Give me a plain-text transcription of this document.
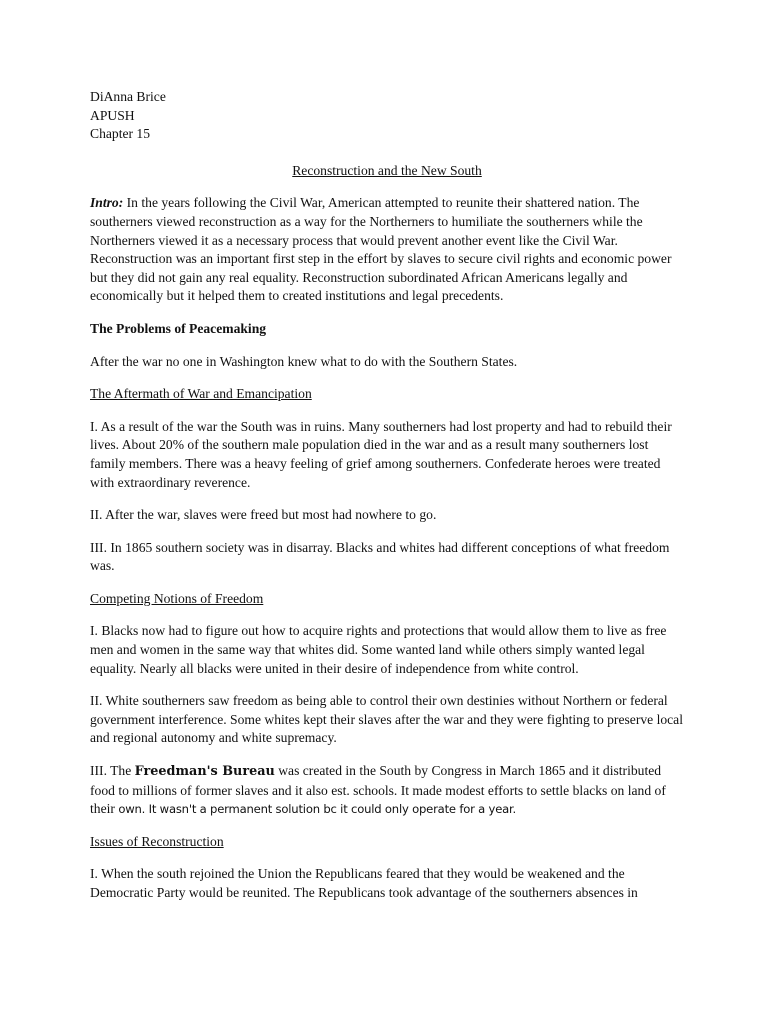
DiAnna Brice

APUSH

Chapter 15

Reconstruction and the New South

Intro: In the years following the Civil War, American attempted to reunite their shattered nation. The southerners viewed reconstruction as a way for the Northerners to humiliate the southerners while the Northerners viewed it as a necessary process that would prevent another event like the Civil War. Reconstruction was an important first step in the effort by slaves to secure civil rights and economic power but they did not gain any real equality. Reconstruction subordinated African Americans legally and economically but it helped them to created institutions and legal precedents.

The Problems of Peacemaking

After the war no one in Washington knew what to do with the Southern States.

The Aftermath of War and Emancipation

I. As a result of the war the South was in ruins. Many southerners had lost property and had to rebuild their lives. About 20% of the southern male population died in the war and as a result many southerners lost family members. There was a heavy feeling of grief among southerners. Confederate heroes were treated with extraordinary reverence.

II. After the war, slaves were freed but most had nowhere to go.

III. In 1865 southern society was in disarray. Blacks and whites had different conceptions of what freedom was.

Competing Notions of Freedom

I. Blacks now had to figure out how to acquire rights and protections that would allow them to live as free men and women in the same way that whites did. Some wanted land while others simply wanted legal equality. Nearly all blacks were united in their desire of independence from white control.

II. White southerners saw freedom as being able to control their own destinies without Northern or federal government interference. Some whites kept their slaves after the war and they were fighting to preserve local and regional autonomy and white supremacy.

III. The Freedman's Bureau was created in the South by Congress in March 1865 and it distributed food to millions of former slaves and it also est. schools. It made modest efforts to settle blacks on land of their own. It wasn't a permanent solution bc it could only operate for a year.

Issues of Reconstruction

I. When the south rejoined the Union the Republicans feared that they would be weakened and the Democratic Party would be reunited. The Republicans took advantage of the southerners absences in
